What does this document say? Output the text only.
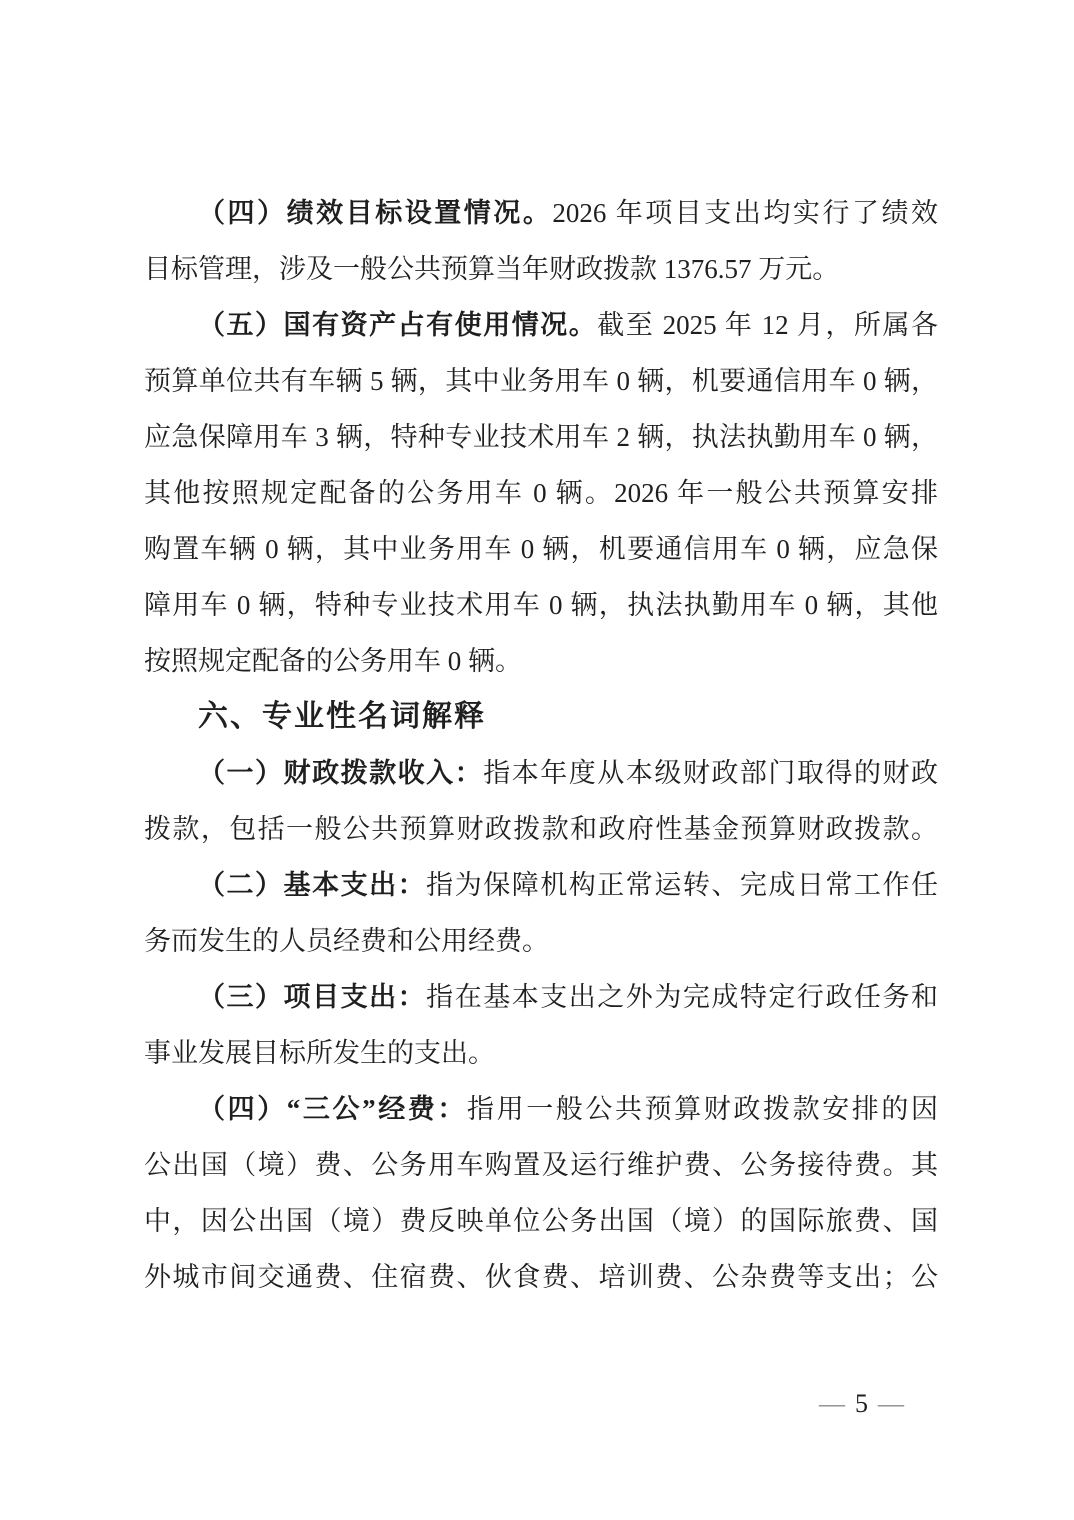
（四）绩效目标设置情况。2026 年项目支出均实行了绩效
目标管理，涉及一般公共预算当年财政拨款 1376.57 万元。
（五）国有资产占有使用情况。截至 2025 年 12 月，所属各
预算单位共有车辆 5 辆，其中业务用车 0 辆，机要通信用车 0 辆，
应急保障用车 3 辆，特种专业技术用车 2 辆，执法执勤用车 0 辆，
其他按照规定配备的公务用车 0 辆。2026 年一般公共预算安排
购置车辆 0 辆，其中业务用车 0 辆，机要通信用车 0 辆，应急保
障用车 0 辆，特种专业技术用车 0 辆，执法执勤用车 0 辆，其他
按照规定配备的公务用车 0 辆。
六、专业性名词解释
（一）财政拨款收入：指本年度从本级财政部门取得的财政
拨款，包括一般公共预算财政拨款和政府性基金预算财政拨款。
（二）基本支出：指为保障机构正常运转、完成日常工作任
务而发生的人员经费和公用经费。
（三）项目支出：指在基本支出之外为完成特定行政任务和
事业发展目标所发生的支出。
（四）“三公”经费：指用一般公共预算财政拨款安排的因
公出国（境）费、公务用车购置及运行维护费、公务接待费。其
中，因公出国（境）费反映单位公务出国（境）的国际旅费、国
外城市间交通费、住宿费、伙食费、培训费、公杂费等支出；公
— 5 —
